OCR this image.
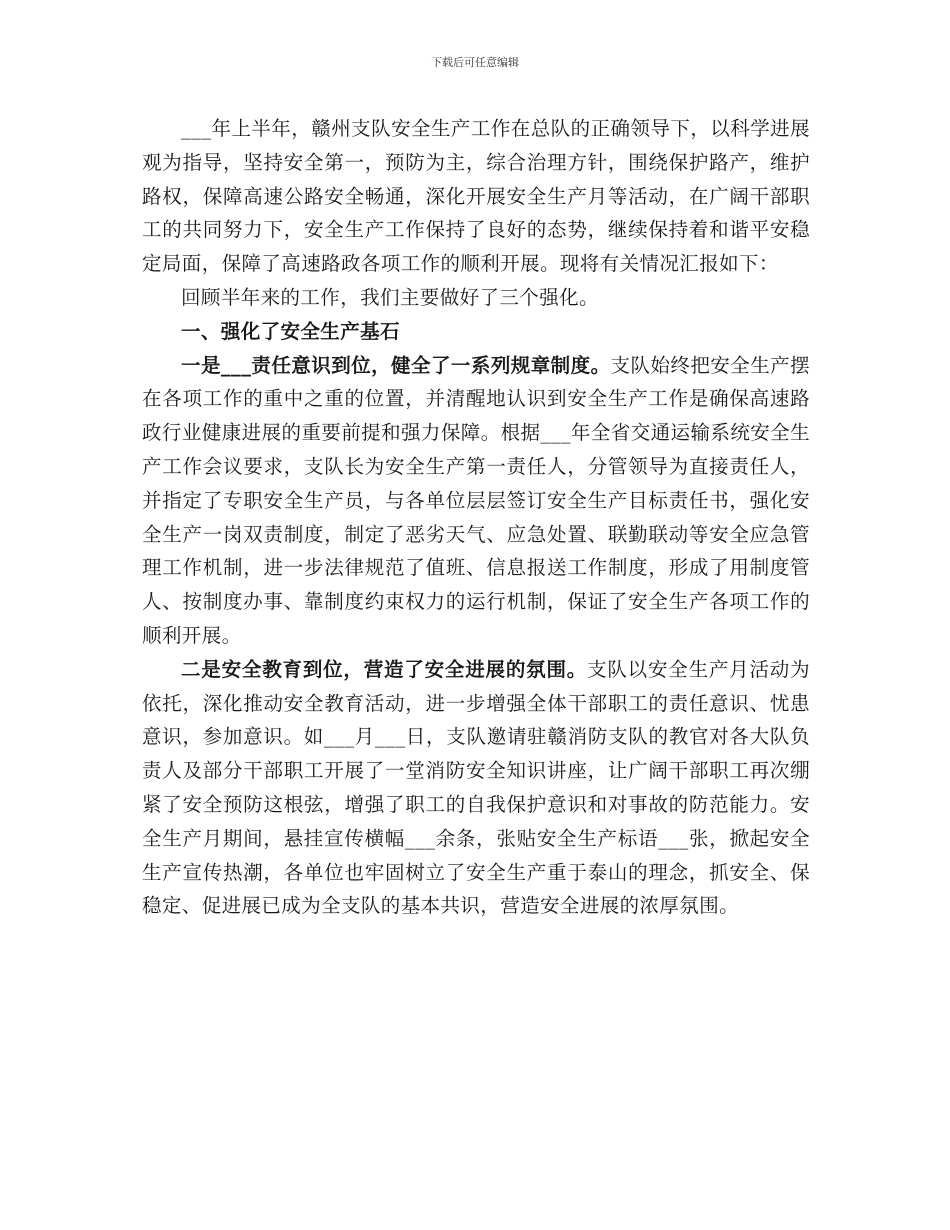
下载后可任意编辑

___年上半年，赣州支队安全生产工作在总队的正确领导下，以科学进展观为指导，坚持安全第一，预防为主，综合治理方针，围绕保护路产，维护路权，保障高速公路安全畅通，深化开展安全生产月等活动，在广阔干部职工的共同努力下，安全生产工作保持了良好的态势，继续保持着和谐平安稳定局面，保障了高速路政各项工作的顺利开展。现将有关情况汇报如下：

回顾半年来的工作，我们主要做好了三个强化。

一、强化了安全生产基石

一是___责任意识到位，健全了一系列规章制度。支队始终把安全生产摆在各项工作的重中之重的位置，并清醒地认识到安全生产工作是确保高速路政行业健康进展的重要前提和强力保障。根据___年全省交通运输系统安全生产工作会议要求，支队长为安全生产第一责任人，分管领导为直接责任人，并指定了专职安全生产员，与各单位层层签订安全生产目标责任书，强化安全生产一岗双责制度，制定了恶劣天气、应急处置、联勤联动等安全应急管理工作机制，进一步法律规范了值班、信息报送工作制度，形成了用制度管人、按制度办事、靠制度约束权力的运行机制，保证了安全生产各项工作的顺利开展。

二是安全教育到位，营造了安全进展的氛围。支队以安全生产月活动为依托，深化推动安全教育活动，进一步增强全体干部职工的责任意识、忧患意识，参加意识。如___月___日，支队邀请驻赣消防支队的教官对各大队负责人及部分干部职工开展了一堂消防安全知识讲座，让广阔干部职工再次绷紧了安全预防这根弦，增强了职工的自我保护意识和对事故的防范能力。安全生产月期间，悬挂宣传横幅___余条，张贴安全生产标语___张，掀起安全生产宣传热潮，各单位也牢固树立了安全生产重于泰山的理念，抓安全、保稳定、促进展已成为全支队的基本共识，营造安全进展的浓厚氛围。
